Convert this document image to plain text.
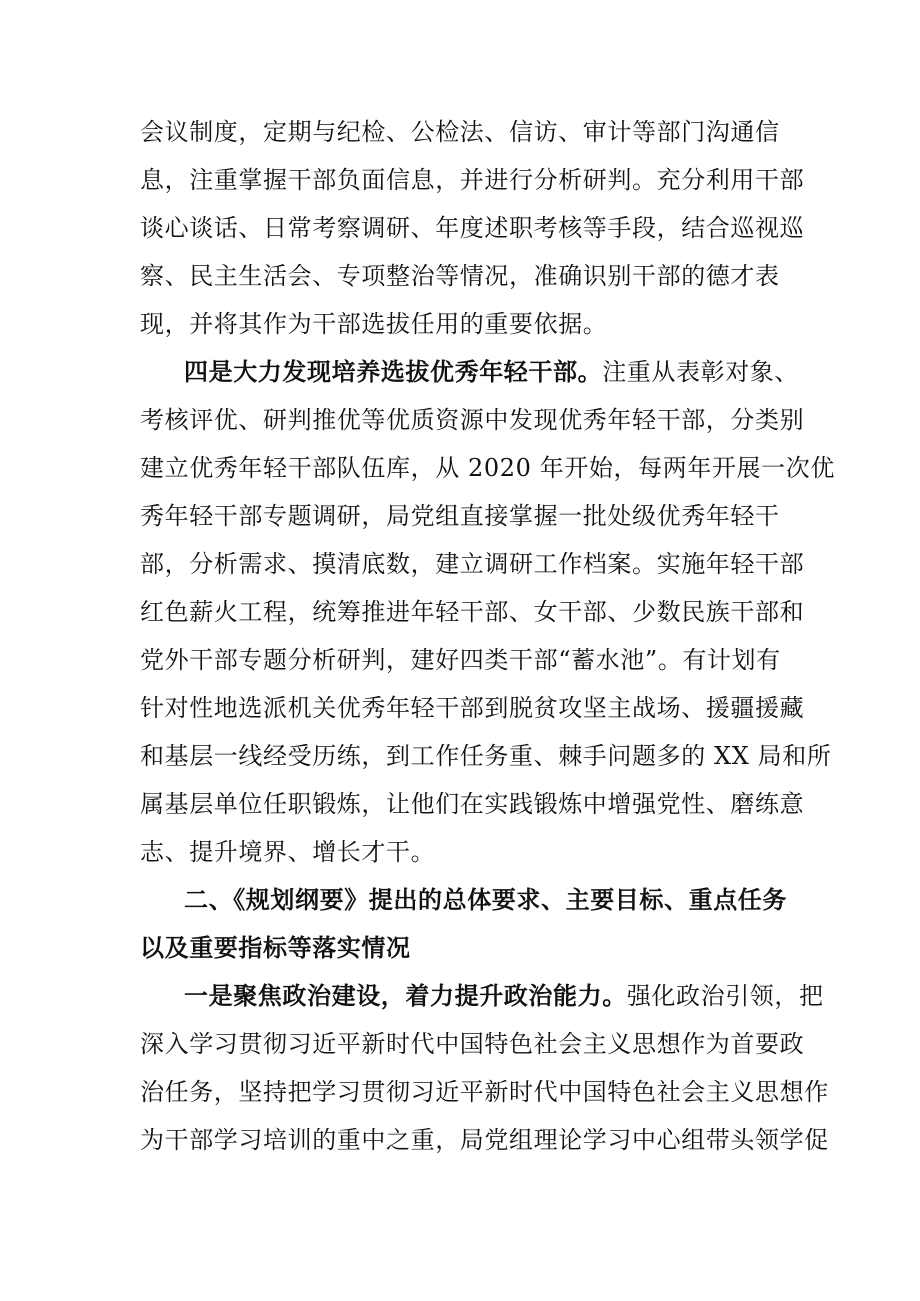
会议制度，定期与纪检、公检法、信访、审计等部门沟通信
息，注重掌握干部负面信息，并进行分析研判。充分利用干部
谈心谈话、日常考察调研、年度述职考核等手段，结合巡视巡
察、民主生活会、专项整治等情况，准确识别干部的德才表
现，并将其作为干部选拔任用的重要依据。
四是大力发现培养选拔优秀年轻干部。注重从表彰对象、
考核评优、研判推优等优质资源中发现优秀年轻干部，分类别
建立优秀年轻干部队伍库，从 2020 年开始，每两年开展一次优
秀年轻干部专题调研，局党组直接掌握一批处级优秀年轻干
部，分析需求、摸清底数，建立调研工作档案。实施年轻干部
红色薪火工程，统筹推进年轻干部、女干部、少数民族干部和
党外干部专题分析研判，建好四类干部“蓄水池”。有计划有
针对性地选派机关优秀年轻干部到脱贫攻坚主战场、援疆援藏
和基层一线经受历练，到工作任务重、棘手问题多的 XX 局和所
属基层单位任职锻炼，让他们在实践锻炼中增强党性、磨练意
志、提升境界、增长才干。
二、《规划纲要》提出的总体要求、主要目标、重点任务
以及重要指标等落实情况
一是聚焦政治建设，着力提升政治能力。强化政治引领，把
深入学习贯彻习近平新时代中国特色社会主义思想作为首要政
治任务，坚持把学习贯彻习近平新时代中国特色社会主义思想作
为干部学习培训的重中之重，局党组理论学习中心组带头领学促
